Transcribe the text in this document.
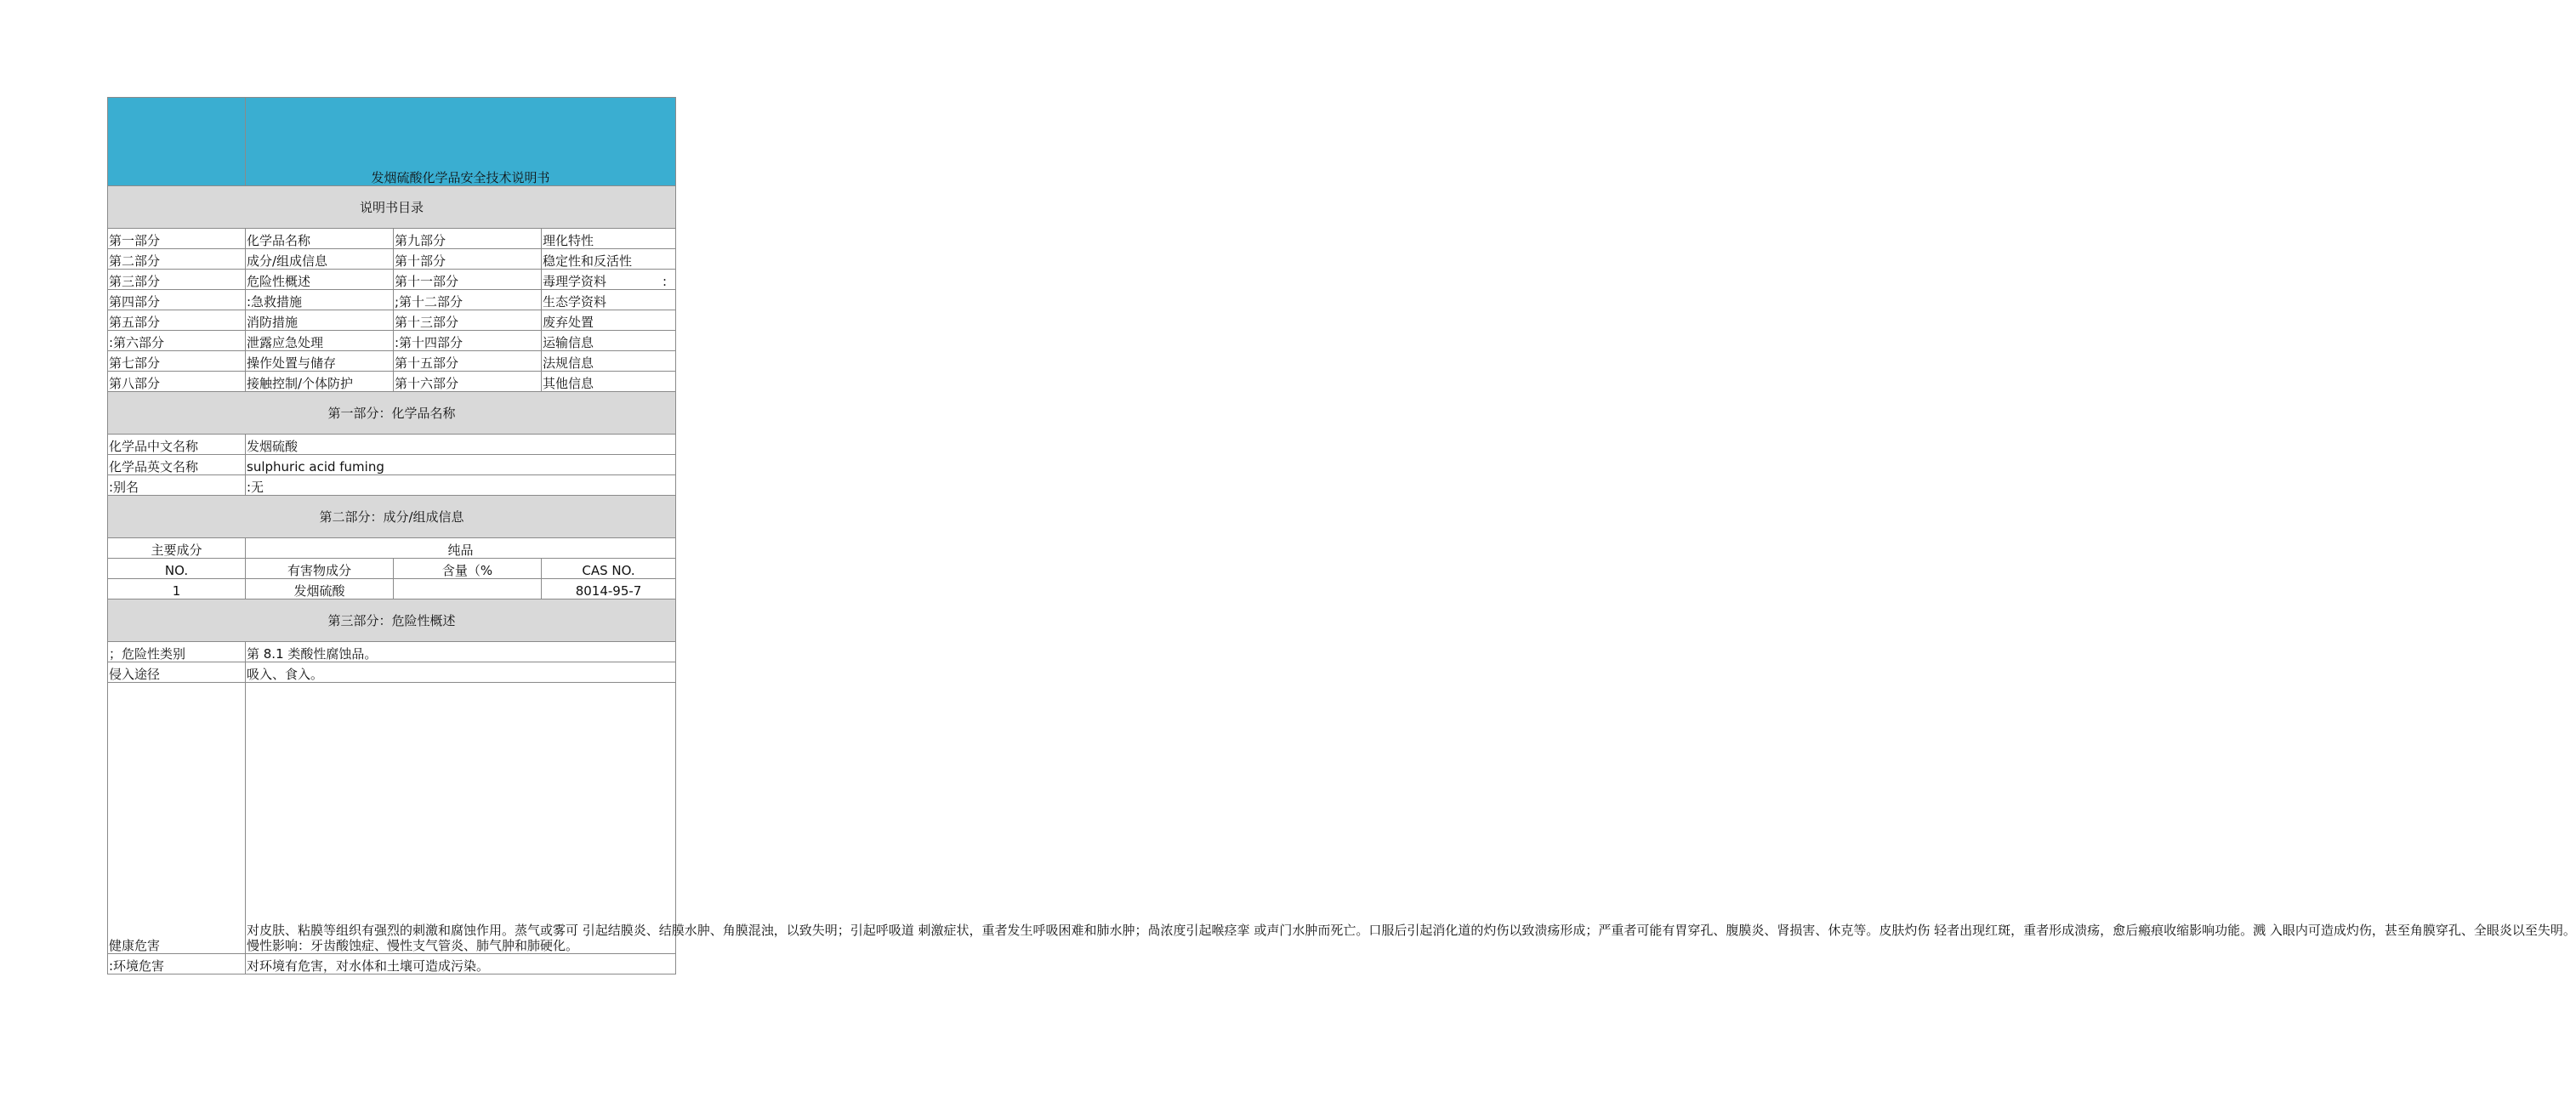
	发烟硫酸化学品安全技术说明书		
说明书目录			
第一部分	化学品名称	第九部分	理化特性
第二部分	成分/组成信息	第十部分	稳定性和反活性
第三部分	危险性概述	第十一部分	毒理学资料 :

第四部分	:急救措施	;第十二部分	生态学资料
第五部分	消防措施	第十三部分	废弃处置
:第六部分	泄露应急处理	:第十四部分	运输信息
第七部分	操作处置与储存	第十五部分	法规信息
第八部分	接触控制/个体防护	第十六部分	其他信息
第一部分：化学品名称			
化学品中文名称	发烟硫酸		
化学品英文名称	sulphuric acid fuming		
:别名	:无		
第二部分：成分/组成信息			
主要成分	纯品		
NO.	有害物成分	含量（%	CAS NO.
1	发烟硫酸		8014-95-7
第三部分：危险性概述			
；危险性类别	第 8.1 类酸性腐蚀品。		
侵入途径	吸入、食入。		
健康危害	对皮肤、粘膜等组织有强烈的刺激和腐蚀作用。蒸气或雾可 引起结膜炎、结膜水肿、角膜混浊，以致失明；引起呼吸道 刺激症状，重者发生呼吸困难和肺水肿；咼浓度引起喉痉挛 或声门水肿而死亡。口服后引起消化道的灼伤以致溃疡形成；严重者可能有胃穿孔、腹膜炎、肾损害、休克等。皮肤灼伤 轻者出现红斑，重者形成溃疡，愈后瘢痕收缩影响功能。溅 入眼内可造成灼伤，甚至角膜穿孔、全眼炎以至失明。

慢性影响：牙齿酸蚀症、慢性支气管炎、肺气肿和肺硬化。		

:环境危害	对环境有危害，对水体和土壤可造成污染。		
